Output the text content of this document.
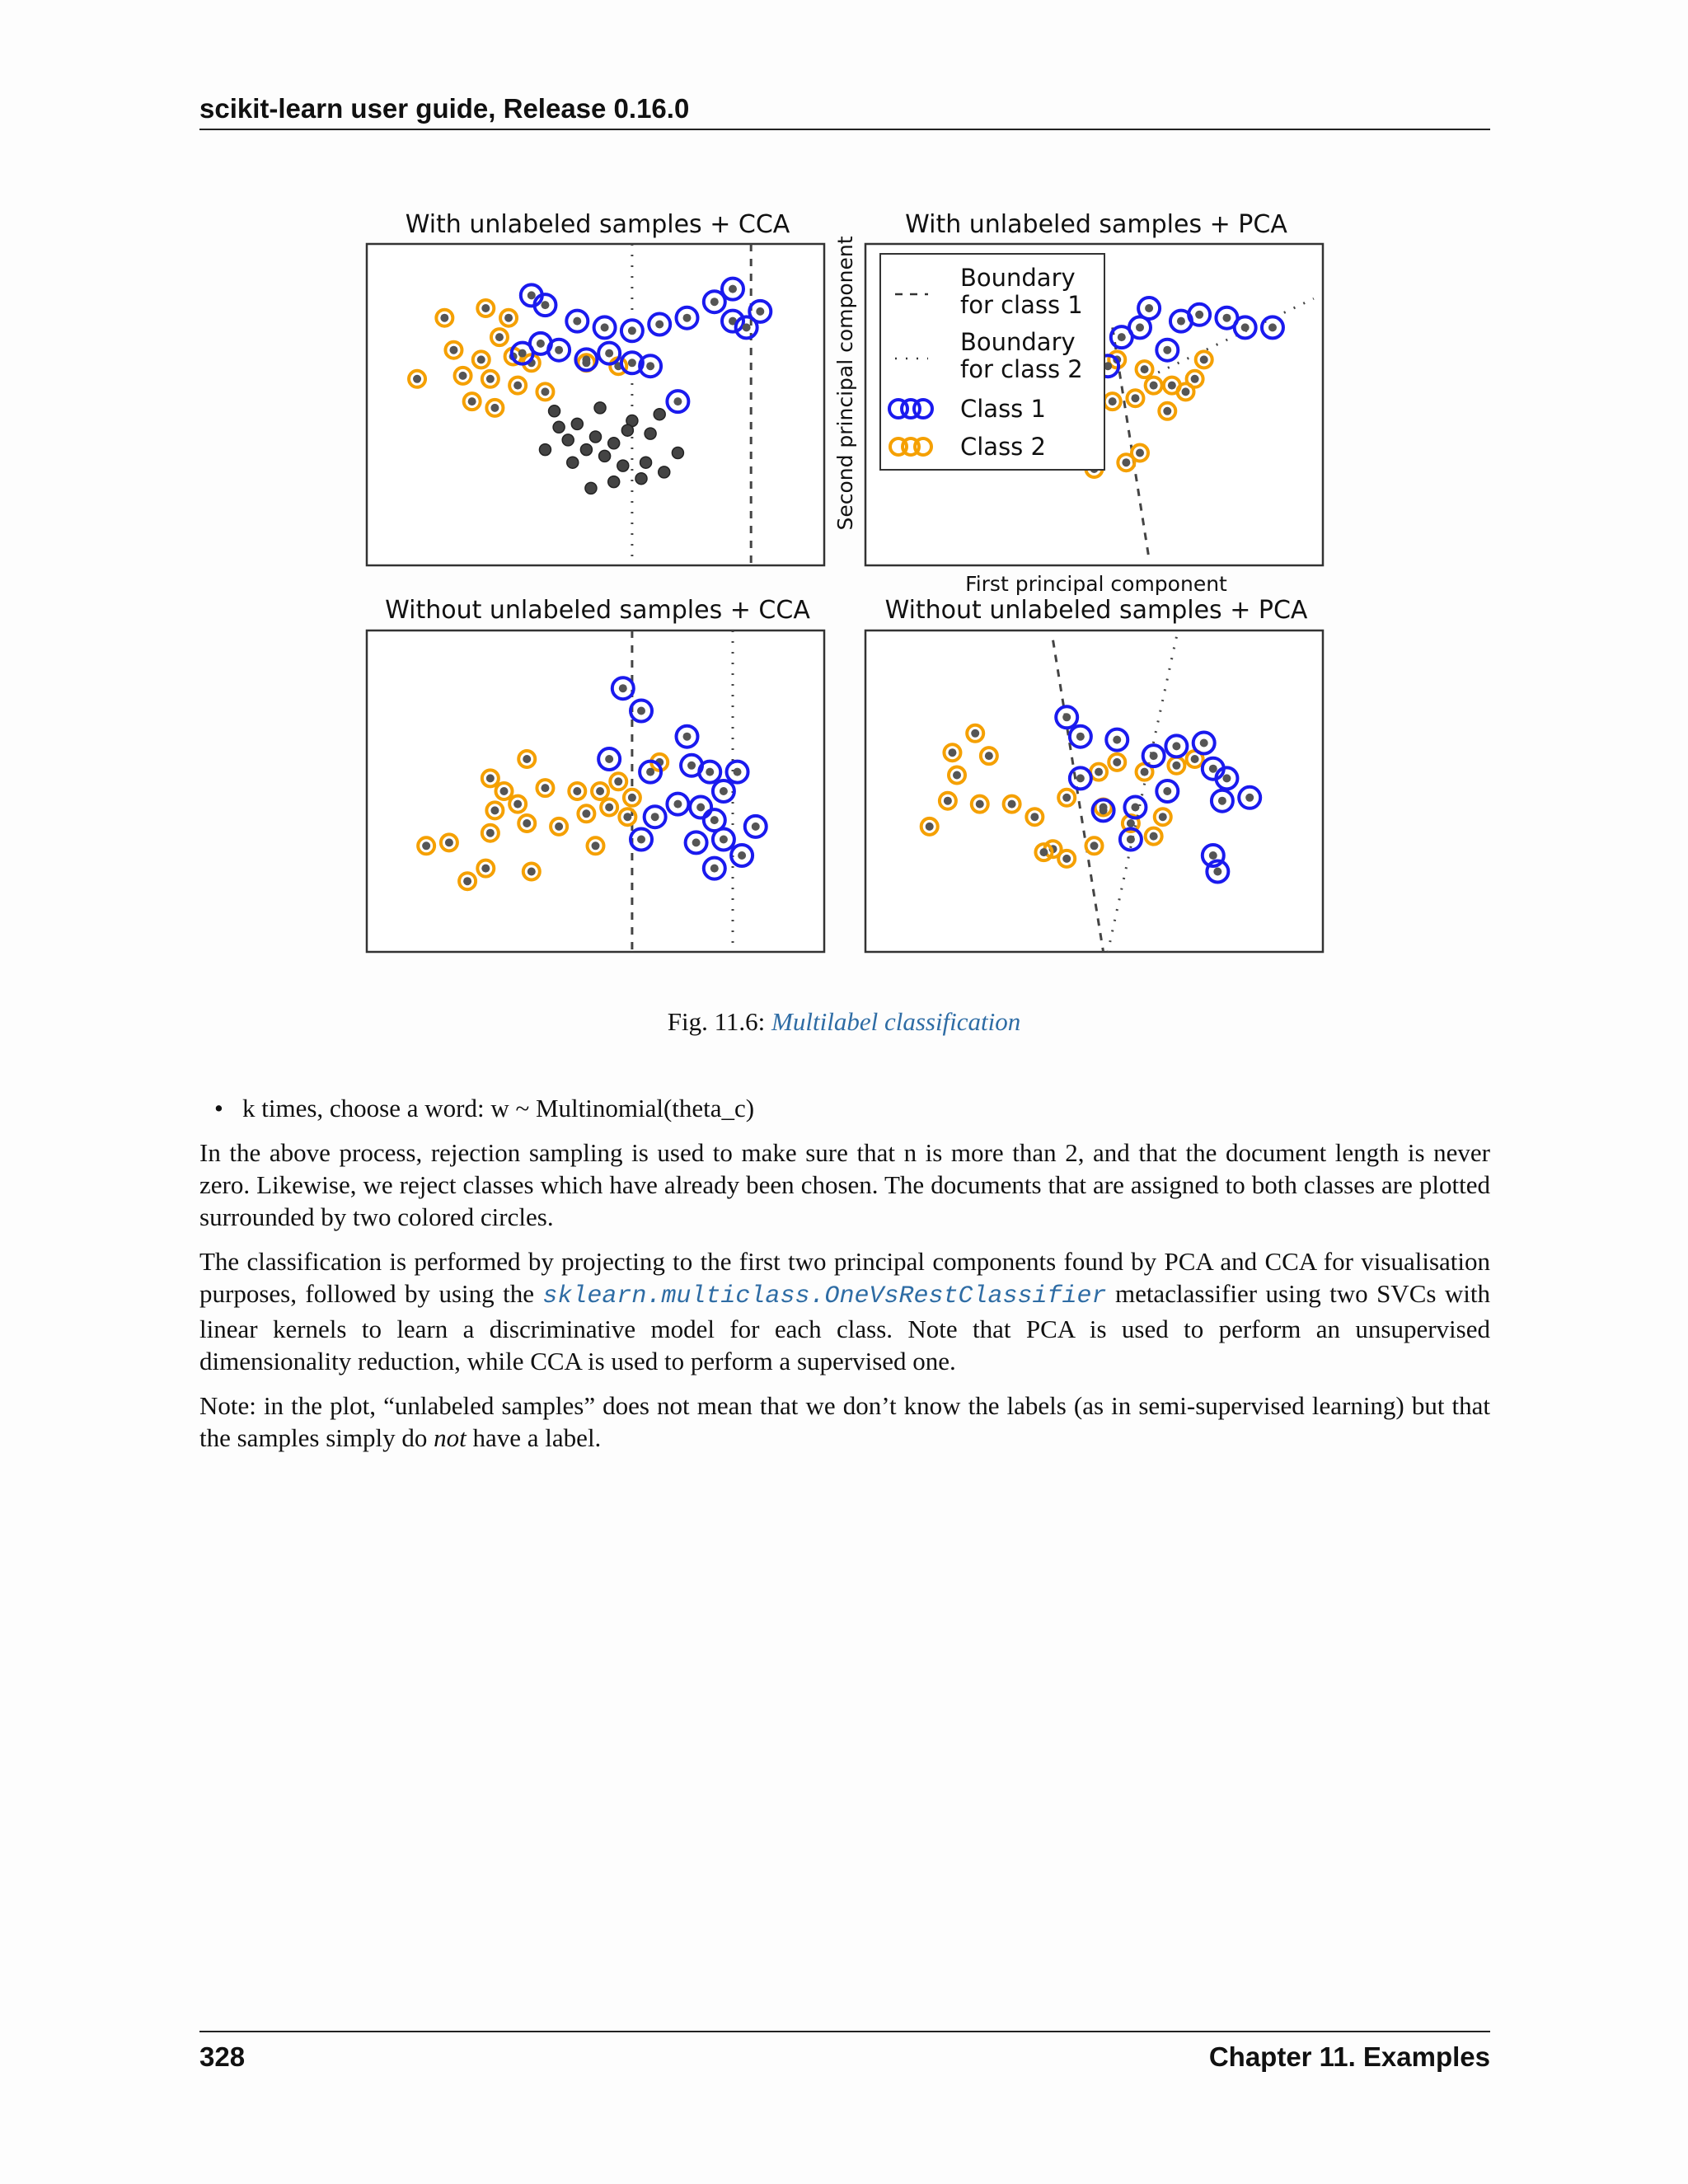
scikit-learn user guide, Release 0.16.0
With unlabeled samples + CCA	With unlabeled samples + PCA
Without unlabeled samples + CCA	Without unlabeled samples + PCA
Second principal component
First principal component
Boundary
for class 1
Boundary
for class 2
Class 1
Class 2
Fig. 11.6: Multilabel classification
• k times, choose a word: w ~ Multinomial(theta_c)

In the above process, rejection sampling is used to make sure that n is more than 2, and that the document length is never zero. Likewise, we reject classes which have already been chosen. The documents that are assigned to both classes are plotted surrounded by two colored circles.

The classification is performed by projecting to the first two principal components found by PCA and CCA for visualisation purposes, followed by using the sklearn.multiclass.OneVsRestClassifier metaclassifier using two SVCs with linear kernels to learn a discriminative model for each class. Note that PCA is used to perform an unsupervised dimensionality reduction, while CCA is used to perform a supervised one.

Note: in the plot, “unlabeled samples” does not mean that we don’t know the labels (as in semi-supervised learning) but that the samples simply do not have a label.

328	Chapter 11. Examples
